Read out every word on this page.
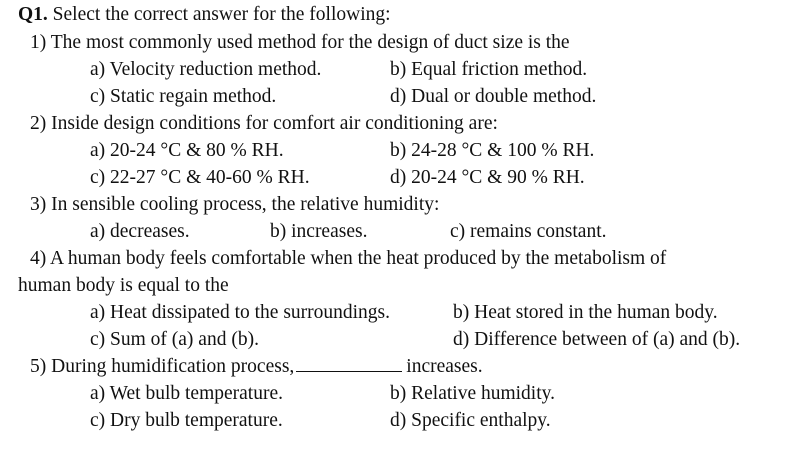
Q1. Select the correct answer for the following:
1) The most commonly used method for the design of duct size is the
a) Velocity reduction method.	b) Equal friction method.
c) Static regain method.	d) Dual or double method.
2) Inside design conditions for comfort air conditioning are:
a) 20-24 °C & 80 % RH.	b) 24-28 °C & 100 % RH.
c) 22-27 °C & 40-60 % RH.	d) 20-24 °C & 90 % RH.
3) In sensible cooling process, the relative humidity:
a) decreases.	b) increases.	c) remains constant.
4) A human body feels comfortable when the heat produced by the metabolism of
human body is equal to the
a) Heat dissipated to the surroundings.	b) Heat stored in the human body.
c) Sum of (a) and (b).	d) Difference between of (a) and (b).
5) During humidification process,	increases.
a) Wet bulb temperature.	b) Relative humidity.
c) Dry bulb temperature.	d) Specific enthalpy.
